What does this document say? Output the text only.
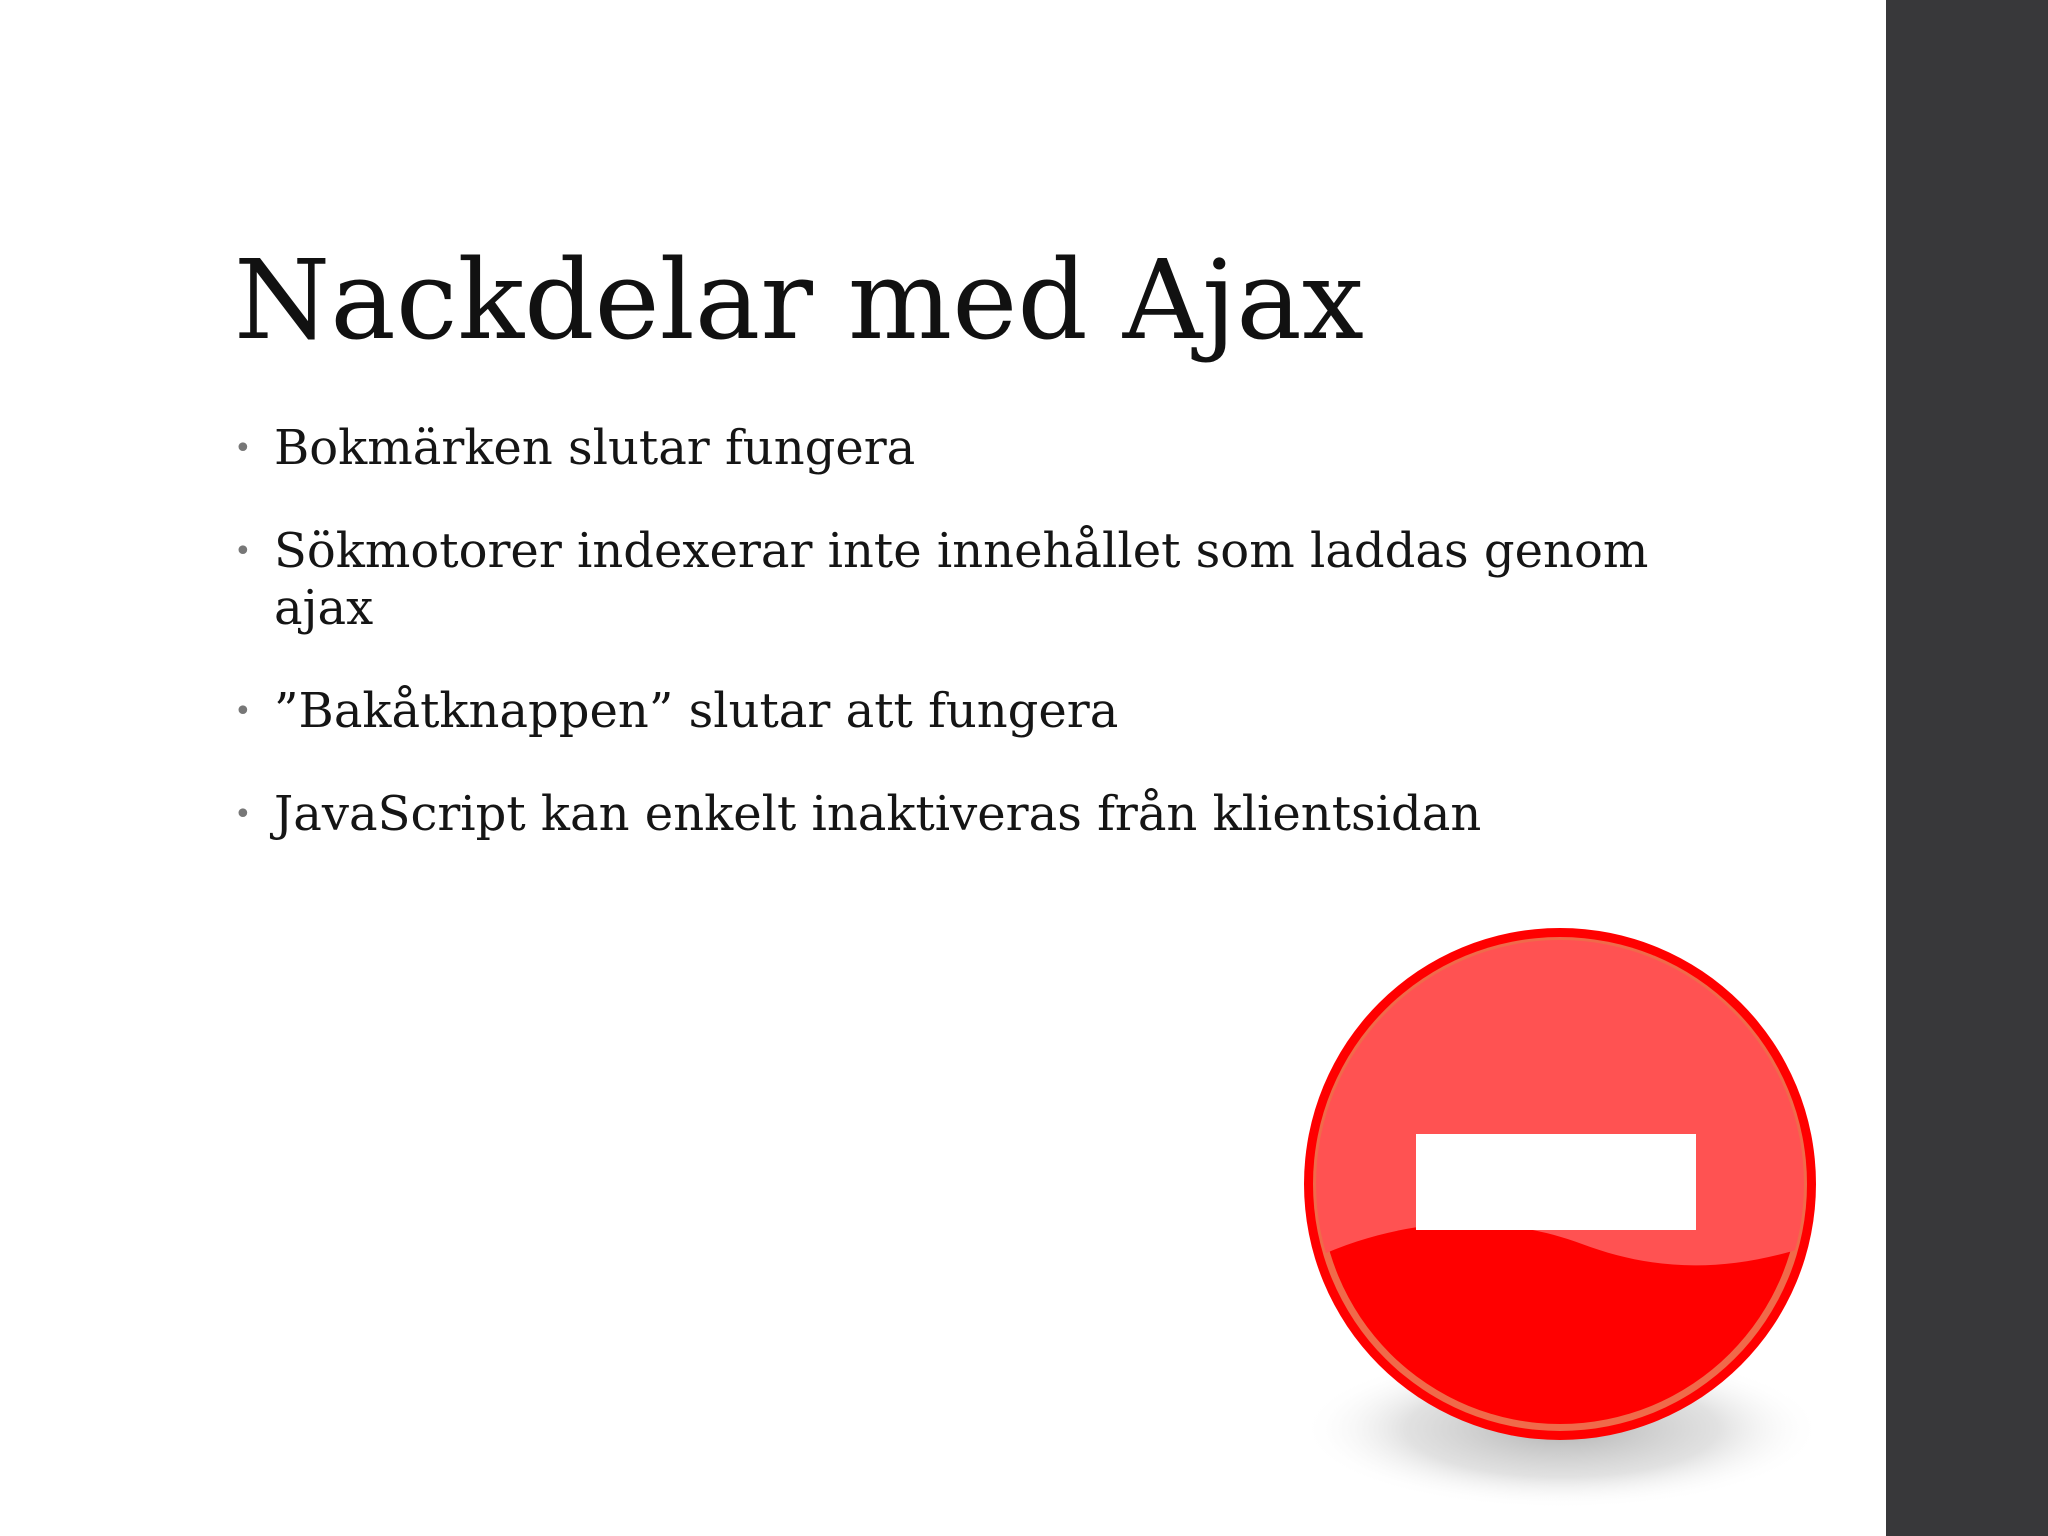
Nackdelar med Ajax
• Bokmärken slutar fungera
• Sökmotorer indexerar inte innehållet som laddas genom ajax
• ”Bakåtknappen” slutar att fungera
• JavaScript kan enkelt inaktiveras från klientsidan
